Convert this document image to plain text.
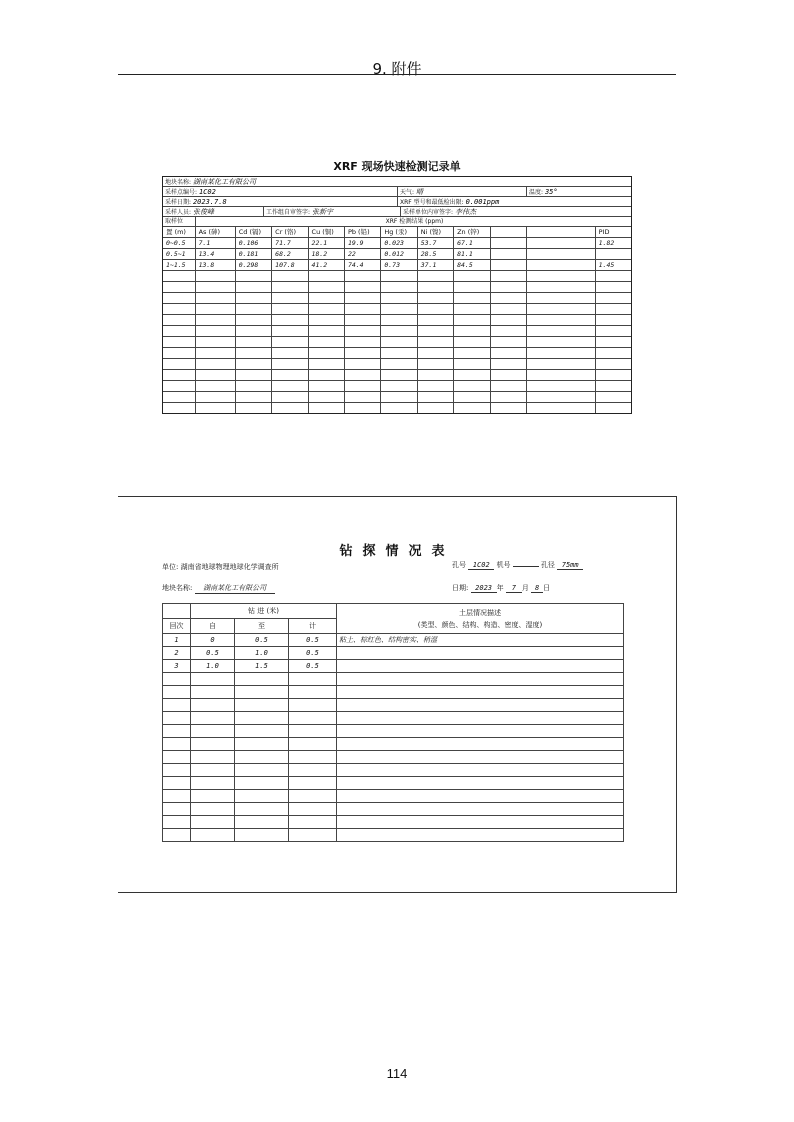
9. 附件
XRF 现场快速检测记录单
地块名称: 湖南某化工有限公司
采样点编号: 1C02	天气: 晴	温度: 35°
采样日期: 2023.7.8	XRF 型号和最低检出限: 0.001ppm
采样人员: 张俊峰	工作组自审签字: 张新宇	采样单位内审签字: 李伟杰
取样位	XRF 检测结果 (ppm)
置 (m)	As (砷)	Cd (镉)	Cr (铬)	Cu (铜)	Pb (铅)	Hg (汞)	Ni (镍)	Zn (锌)	PID
0~0.5	7.1	0.106	71.7	22.1	19.9	0.023	53.7	67.1	1.82
0.5~1	13.4	0.181	68.2	18.2	22	0.012	28.5	81.1
1~1.5	13.8	0.298	107.8	41.2	74.4	0.73	37.1	84.5	1.45
钻探情况表
单位: 湖南省地球物理地球化学调查所	孔号 1C02 机号	孔径 75mm
地块名称: 湖南某化工有限公司	日期: 2023 年 7 月 8 日
	钻 进 (米)			土层情况描述
(类型、颜色、结构、构造、密度、湿度)

回次	自	至	计	
1	0	0.5	0.5	粘土、棕红色、结构密实、稍湿
2	0.5	1.0	0.5	
3	1.0	1.5	0.5	

114
